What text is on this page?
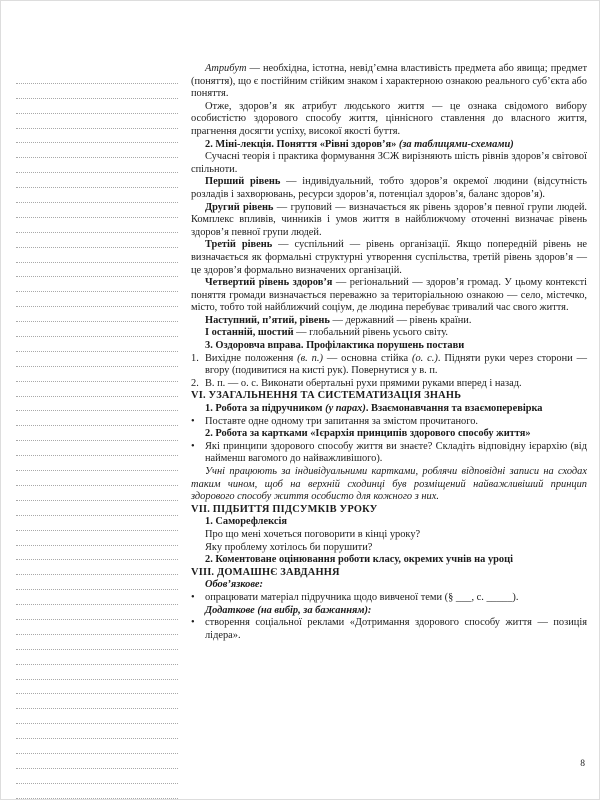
Атрибут — необхідна, істотна, невід’ємна властивість предмета або явища; предмет (поняття), що є постійним стійким знаком і характерною ознакою реального суб’єкта або поняття.

Отже, здоров’я як атрибут людського життя — це ознака свідомого вибору особистістю здорового способу життя, ціннісного ставлення до власного життя, прагнення досягти успіху, високої якості буття.

2. Міні-лекція. Поняття «Рівні здоров’я» (за таблицями-схемами)

Сучасні теорія і практика формування ЗСЖ вирізняють шість рівнів здоров’я світової спільноти.

Перший рівень — індивідуальний, тобто здоров’я окремої людини (відсутність розладів і захворювань, ресурси здоров’я, потенціал здоров’я, баланс здоров’я).

Другий рівень — груповий — визначається як рівень здоров’я певної групи людей. Комплекс впливів, чинників і умов життя в найближчому оточенні визначає рівень здоров’я певної групи людей.

Третій рівень — суспільний — рівень організації. Якщо попередній рівень не визначається як формальні структурні утворення суспільства, третій рівень здоров’я — це здоров’я формально визначених організацій.

Четвертий рівень здоров’я — регіональний — здоров’я громад. У цьому контексті поняття громади визначається переважно за територіальною ознакою — село, містечко, місто, тобто той найближчий соціум, де людина перебуває тривалий час свого життя.

Наступний, п’ятий, рівень — державний — рівень країни.

І останній, шостий — глобальний рівень усього світу.

3. Оздоровча вправа. Профілактика порушень постави

1. Вихідне положення (в. п.) — основна стійка (о. с.). Підняти руки через сторони — вгору (подивитися на кисті рук). Повернутися у в. п.

2. В. п. — о. с. Виконати обертальні рухи прямими руками вперед і назад.

VI. УЗАГАЛЬНЕННЯ ТА СИСТЕМАТИЗАЦІЯ ЗНАНЬ

1. Робота за підручником (у парах). Взаємонавчання та взаємоперевірка

• Поставте одне одному три запитання за змістом прочитаного.

2. Робота за картками «Ієрархія принципів здорового способу життя»

• Які принципи здорового способу життя ви знаєте? Складіть відповідну ієрархію (від найменш вагомого до найважливішого).

Учні працюють за індивідуальними картками, роблячи відповідні записи на сходах таким чином, щоб на верхній сходинці був розміщений найважливіший принцип здорового способу життя особисто для кожного з них.

VII. ПІДБИТТЯ ПІДСУМКІВ УРОКУ

1. Саморефлексія

Про що мені хочеться поговорити в кінці уроку?

Яку проблему хотілось би порушити?

2. Коментоване оцінювання роботи класу, окремих учнів на уроці

VIII. ДОМАШНЄ ЗАВДАННЯ

Обов’язкове:

• опрацювати матеріал підручника щодо вивченої теми (§ ___, с. _____).

Додаткове (на вибір, за бажанням):

• створення соціальної реклами «Дотримання здорового способу життя — позиція лідера».

8
